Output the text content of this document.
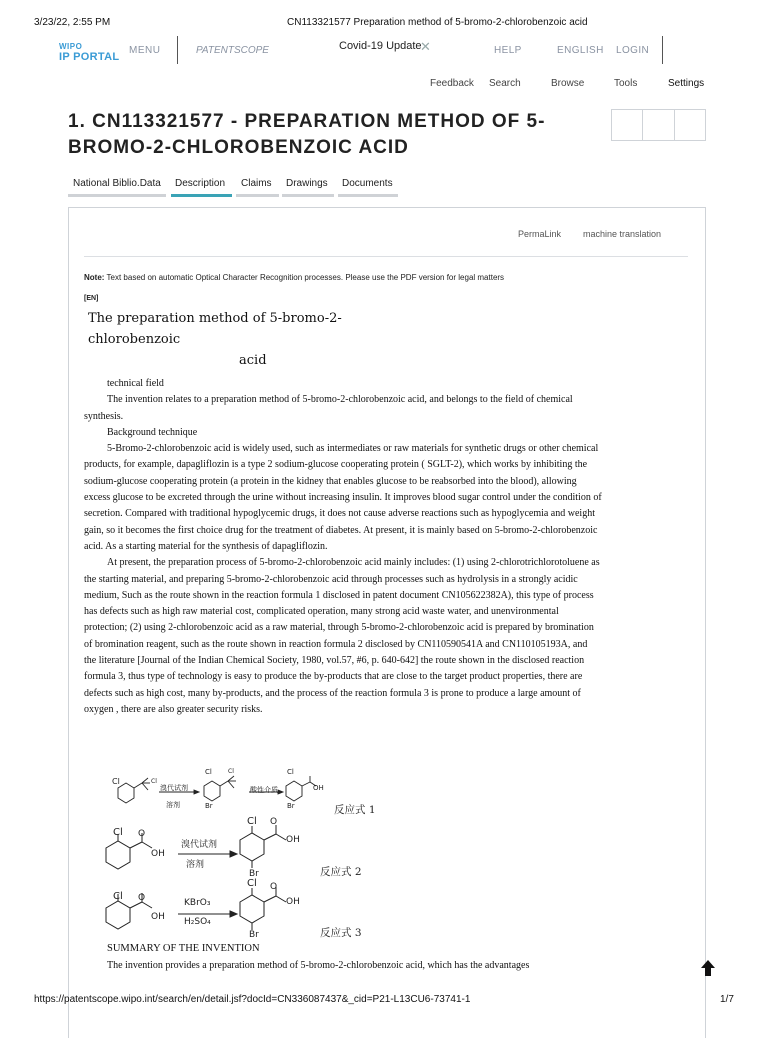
3/23/22, 2:55 PM	CN113321577 Preparation method of 5-bromo-2-chlorobenzoic acid
WIPO
IP PORTAL
MENU	PATENTSCOPE	Covid-19 Update
✕	HELP	ENGLISH LOGIN
Feedback Search	Browse	Tools	Settings
1. CN113321577 - PREPARATION METHOD OF 5-BROMO-2-CHLOROBENZOIC ACID
National Biblio.Data Description Claims Drawings Documents
PermaLink machine translation
Note: Text based on automatic Optical Character Recognition processes. Please use the PDF version for legal matters
[EN]
The preparation method of 5-bromo-2-chlorobenzoic
acid

technical field

The invention relates to a preparation method of 5-bromo-2-chlorobenzoic acid, and belongs to the field of chemical synthesis.

Background technique

5-Bromo-2-chlorobenzoic acid is widely used, such as intermediates or raw materials for synthetic drugs or other chemical products, for example, dapagliflozin is a type 2 sodium-glucose cooperating protein ( SGLT-2), which works by inhibiting the sodium-glucose cooperating protein (a protein in the kidney that enables glucose to be reabsorbed into the blood), allowing excess glucose to be excreted through the urine without increasing insulin. It improves blood sugar control under the condition of secretion. Compared with traditional hypoglycemic drugs, it does not cause adverse reactions such as hypoglycemia and weight gain, so it becomes the first choice drug for the treatment of diabetes. At present, it is mainly based on 5-bromo-2-chlorobenzoic acid. As a starting material for the synthesis of dapagliflozin.

At present, the preparation process of 5-bromo-2-chlorobenzoic acid mainly includes: (1) using 2-chlorotrichlorotoluene as the starting material, and preparing 5-bromo-2-chlorobenzoic acid through processes such as hydrolysis in a strongly acidic medium, Such as the route shown in the reaction formula 1 disclosed in patent document CN105622382A), this type of process has defects such as high raw material cost, complicated operation, many strong acid waste water, and unenvironmental protection; (2) using 2-chlorobenzoic acid as a raw material, through 5-bromo-2-chlorobenzoic acid is prepared by bromination of bromination reagent, such as the route shown in reaction formula 2 disclosed by CN110590541A and CN110105193A, and the literature [Journal of the Indian Chemical Society, 1980, vol.57, #6, p. 640-642] the route shown in the disclosed reaction formula 3, thus type of technology is easy to produce the by-products that are close to the target product properties, there are defects such as high cost, many by-products, and the process of the reaction formula 3 is prone to produce a large amount of oxygen , there are also greater security risks.

Cl	Cl
溴代试剂
溶剂
Cl	Cl
Br
酸性介质
Cl
OH
Br	反应式 1
Cl O
OH
溴代试剂
溶剂
Cl O
OH
Br	反应式 2
Cl O
OH
KBrO₃
H₂SO₄
Cl O
OH
Br	反应式 3
SUMMARY OF THE INVENTION
The invention provides a preparation method of 5-bromo-2-chlorobenzoic acid, which has the advantages
https://patentscope.wipo.int/search/en/detail.jsf?docId=CN336087437&_cid=P21-L13CU6-73741-1	1/7
